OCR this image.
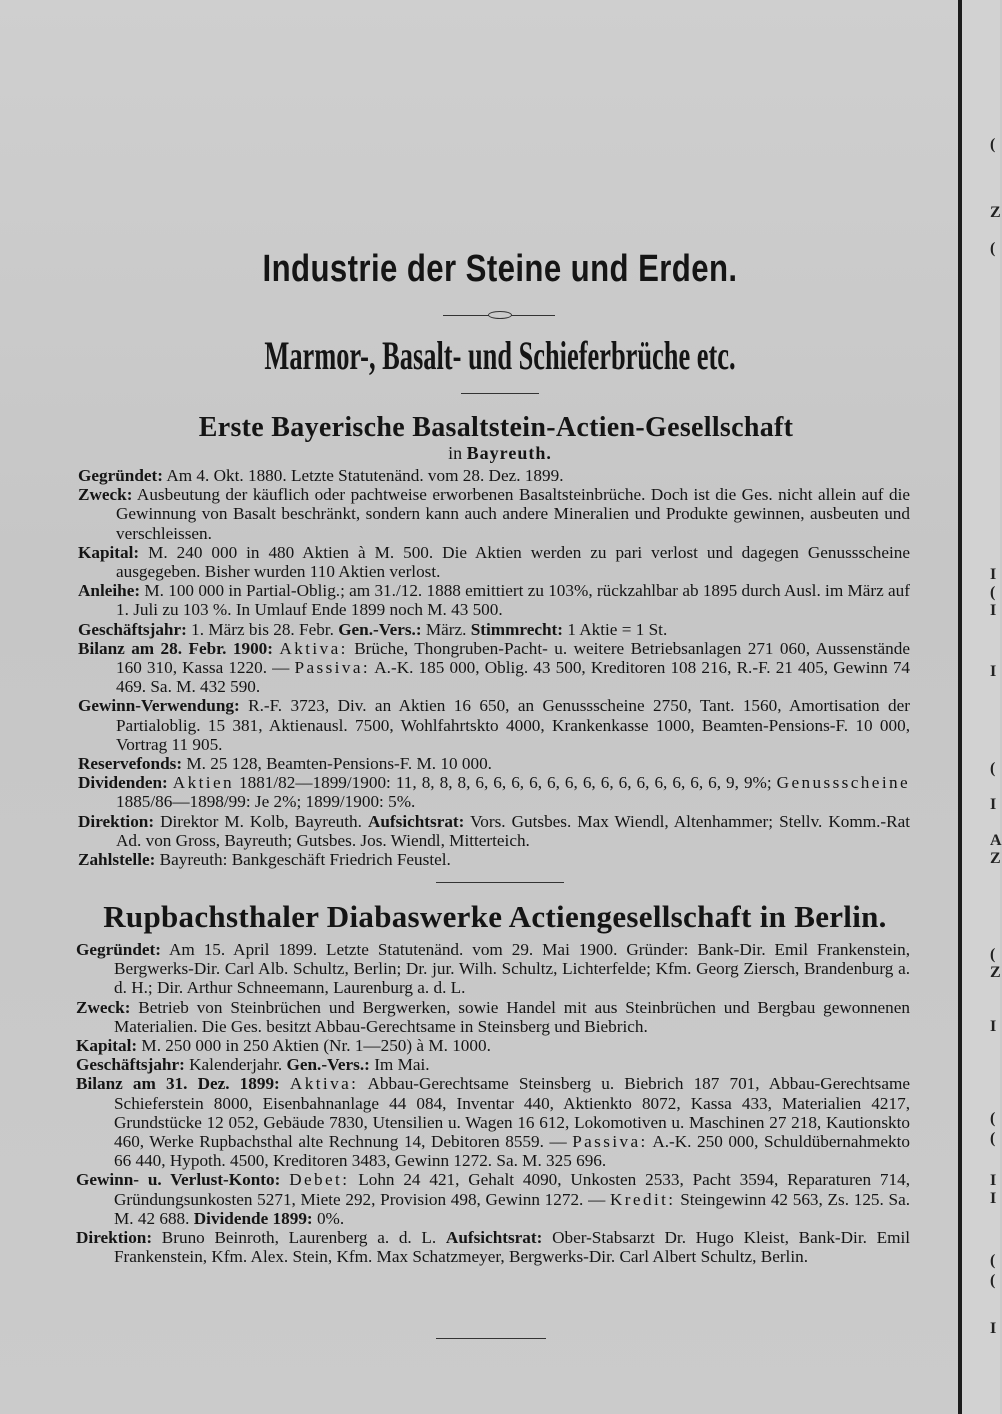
(
Z
(
I
(
I
(
I
I
A
Z
(
Z
I
(
(
I
I
(
(
I
Industrie der Steine und Erden.
Marmor-, Basalt- und Schieferbrüche etc.
Erste Bayerische Basaltstein-Actien-Gesellschaft
in Bayreuth.

Gegründet: Am 4. Okt. 1880. Letzte Statutenänd. vom 28. Dez. 1899.

Zweck: Ausbeutung der käuflich oder pachtweise erworbenen Basaltsteinbrüche. Doch ist die Ges. nicht allein auf die Gewinnung von Basalt beschränkt, sondern kann auch andere Mineralien und Produkte gewinnen, ausbeuten und verschleissen.

Kapital: M. 240 000 in 480 Aktien à M. 500. Die Aktien werden zu pari verlost und dagegen Genussscheine ausgegeben. Bisher wurden 110 Aktien verlost.

Anleihe: M. 100 000 in Partial-Oblig.; am 31./12. 1888 emittiert zu 103%, rückzahlbar ab 1895 durch Ausl. im März auf 1. Juli zu 103 %. In Umlauf Ende 1899 noch M. 43 500.

Geschäftsjahr: 1. März bis 28. Febr. Gen.-Vers.: März. Stimmrecht: 1 Aktie = 1 St.

Bilanz am 28. Febr. 1900: Aktiva: Brüche, Thongruben-Pacht- u. weitere Betriebsanlagen 271 060, Aussenstände 160 310, Kassa 1220. — Passiva: A.-K. 185 000, Oblig. 43 500, Kreditoren 108 216, R.-F. 21 405, Gewinn 74 469. Sa. M. 432 590.

Gewinn-Verwendung: R.-F. 3723, Div. an Aktien 16 650, an Genussscheine 2750, Tant. 1560, Amortisation der Partialoblig. 15 381, Aktienausl. 7500, Wohlfahrtskto 4000, Krankenkasse 1000, Beamten-Pensions-F. 10 000, Vortrag 11 905.

Reservefonds: M. 25 128, Beamten-Pensions-F. M. 10 000.

Dividenden: Aktien 1881/82—1899/1900: 11, 8, 8, 8, 6, 6, 6, 6, 6, 6, 6, 6, 6, 6, 6, 6, 6, 6, 9, 9%; Genussscheine 1885/86—1898/99: Je 2%; 1899/1900: 5%.

Direktion: Direktor M. Kolb, Bayreuth. Aufsichtsrat: Vors. Gutsbes. Max Wiendl, Altenhammer; Stellv. Komm.-Rat Ad. von Gross, Bayreuth; Gutsbes. Jos. Wiendl, Mitterteich.

Zahlstelle: Bayreuth: Bankgeschäft Friedrich Feustel.

Rupbachsthaler Diabaswerke Actiengesellschaft in Berlin.

Gegründet: Am 15. April 1899. Letzte Statutenänd. vom 29. Mai 1900. Gründer: Bank-Dir. Emil Frankenstein, Bergwerks-Dir. Carl Alb. Schultz, Berlin; Dr. jur. Wilh. Schultz, Lichterfelde; Kfm. Georg Ziersch, Brandenburg a. d. H.; Dir. Arthur Schneemann, Laurenburg a. d. L.

Zweck: Betrieb von Steinbrüchen und Bergwerken, sowie Handel mit aus Steinbrüchen und Bergbau gewonnenen Materialien. Die Ges. besitzt Abbau-Gerechtsame in Steinsberg und Biebrich.

Kapital: M. 250 000 in 250 Aktien (Nr. 1—250) à M. 1000.

Geschäftsjahr: Kalenderjahr. Gen.-Vers.: Im Mai.

Bilanz am 31. Dez. 1899: Aktiva: Abbau-Gerechtsame Steinsberg u. Biebrich 187 701, Abbau-Gerechtsame Schieferstein 8000, Eisenbahnanlage 44 084, Inventar 440, Aktienkto 8072, Kassa 433, Materialien 4217, Grundstücke 12 052, Gebäude 7830, Utensilien u. Wagen 16 612, Lokomotiven u. Maschinen 27 218, Kautionskto 460, Werke Rupbachsthal alte Rechnung 14, Debitoren 8559. — Passiva: A.-K. 250 000, Schuldübernahmekto 66 440, Hypoth. 4500, Kreditoren 3483, Gewinn 1272. Sa. M. 325 696.

Gewinn- u. Verlust-Konto: Debet: Lohn 24 421, Gehalt 4090, Unkosten 2533, Pacht 3594, Reparaturen 714, Gründungsunkosten 5271, Miete 292, Provision 498, Gewinn 1272. — Kredit: Steingewinn 42 563, Zs. 125. Sa. M. 42 688. Dividende 1899: 0%.

Direktion: Bruno Beinroth, Laurenberg a. d. L. Aufsichtsrat: Ober-Stabsarzt Dr. Hugo Kleist, Bank-Dir. Emil Frankenstein, Kfm. Alex. Stein, Kfm. Max Schatzmeyer, Bergwerks-Dir. Carl Albert Schultz, Berlin.
